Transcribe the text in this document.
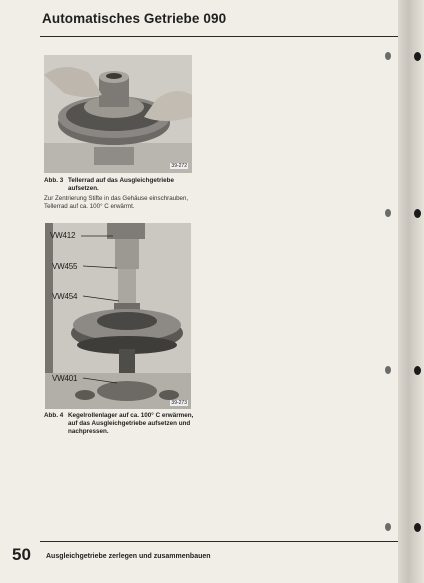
Automatisches Getriebe 090
39-272
Abb. 3 Tellerrad auf das Ausgleichgetriebe aufsetzen.
Zur Zentrierung Stifte in das Gehäuse einschrauben, Tellerrad auf ca. 100° C erwärmt.
39-273
VW412
VW455
VW454
VW401
Abb. 4 Kegelrollenlager auf ca. 100° C erwärmen, auf das Ausgleichgetriebe aufsetzen und nachpressen.
50 Ausgleichgetriebe zerlegen und zusammenbauen
